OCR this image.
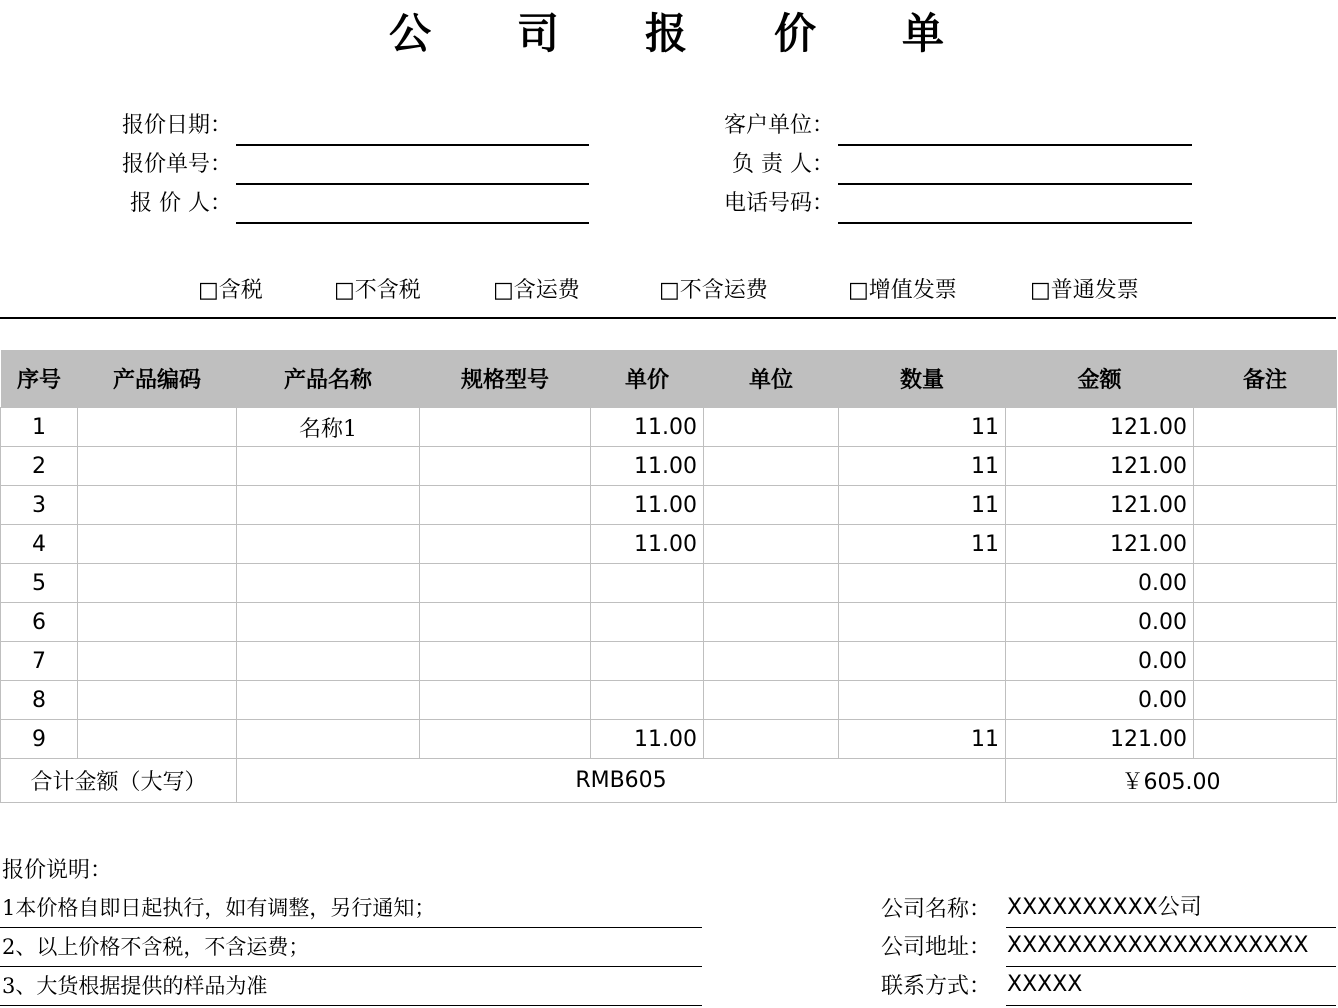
公 司 报 价 单
报价日期：
报价单号：
报 价 人：
客户单位：
负 责 人：
电话号码：
□含税	□不含税	□含运费	□不含运费	□增值发票	□普通发票
序号	产品编码	产品名称	规格型号	单价	单位	数量	金额	备注
1		名称1		11.00		11	121.00	
2				11.00		11	121.00	
3				11.00		11	121.00	
4				11.00		11	121.00	
5							0.00	
6							0.00	
7							0.00	
8							0.00	
9				11.00		11	121.00	
合计金额（大写）		RMB605					￥605.00	
报价说明：
1本价格自即日起执行，如有调整，另行通知；
2、以上价格不含税，不含运费；
3、大货根据提供的样品为准
公司名称： XXXXXXXXXX公司
公司地址： XXXXXXXXXXXXXXXXXXXX
联系方式： XXXXX
